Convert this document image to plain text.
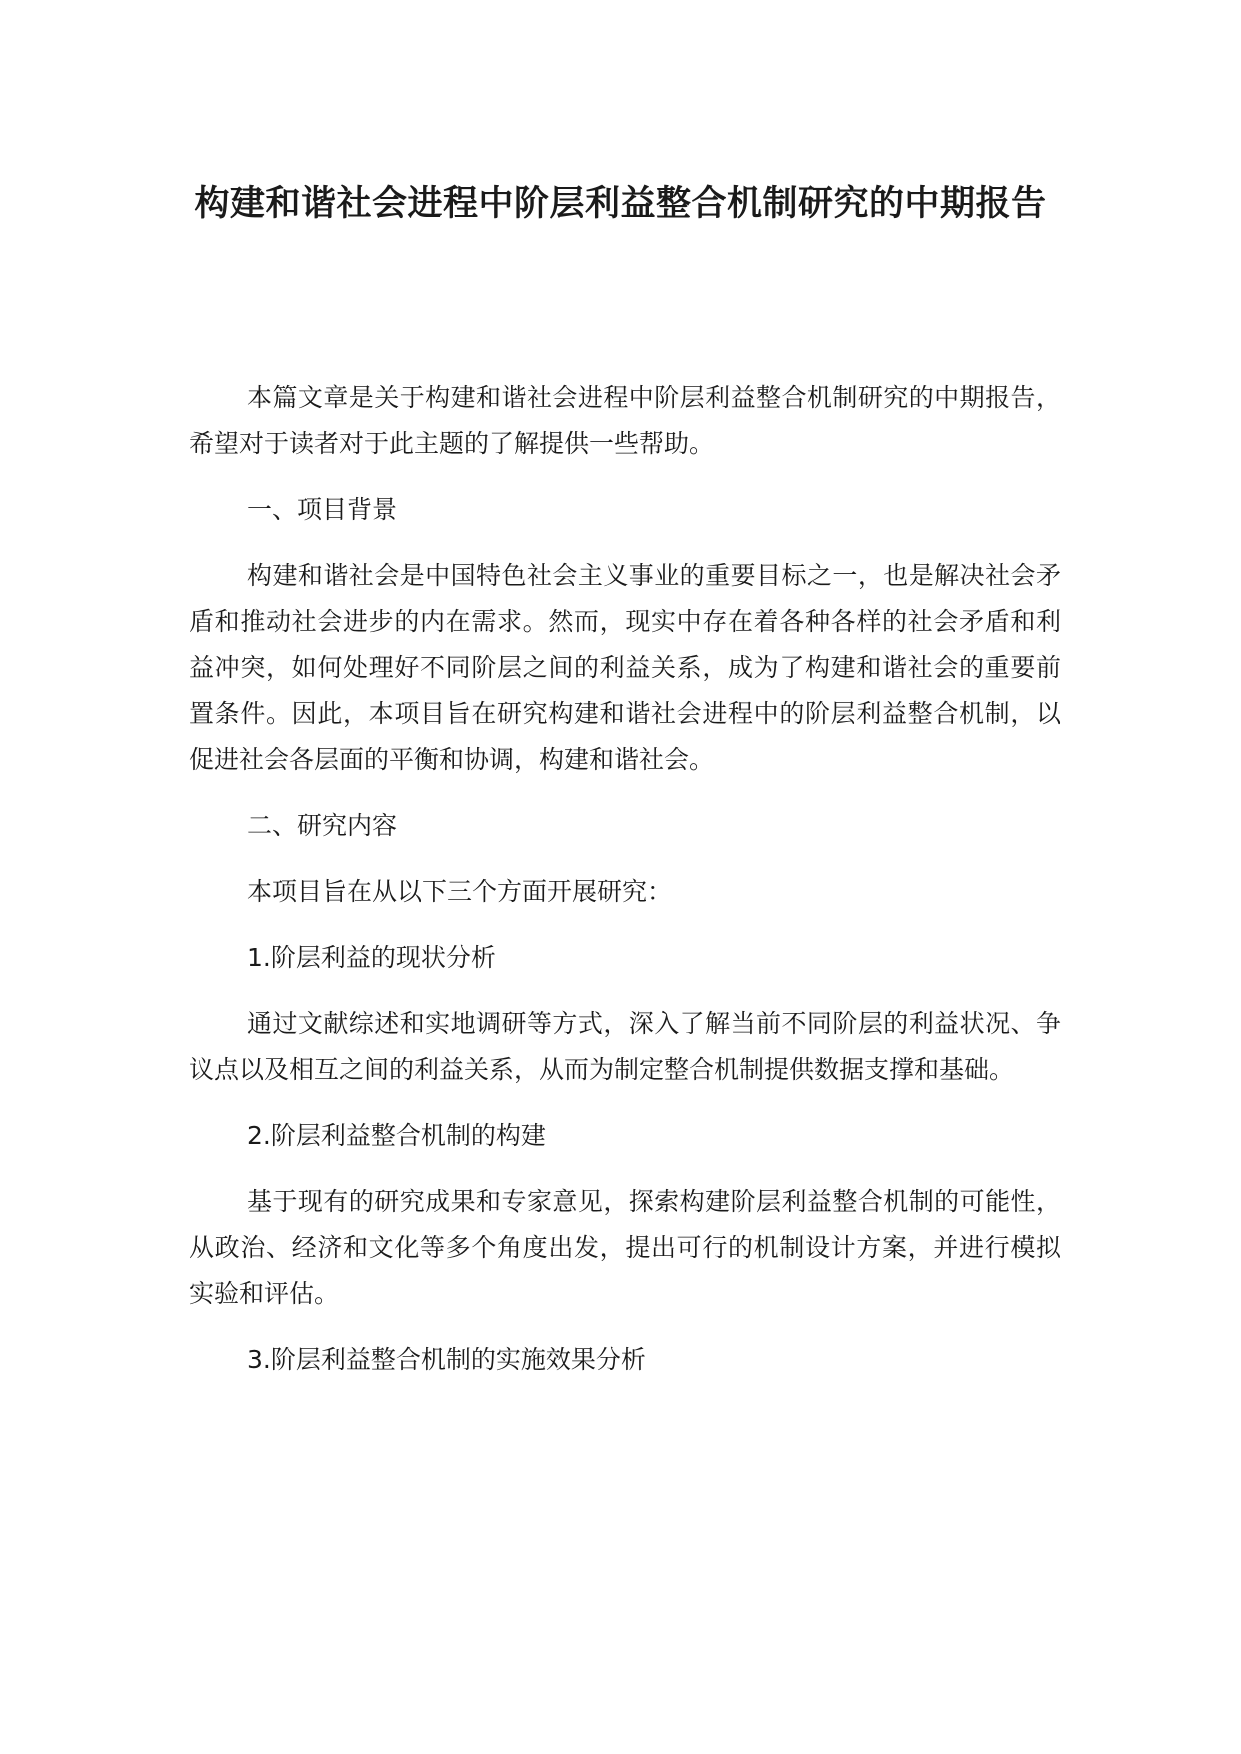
构建和谐社会进程中阶层利益整合机制研究的中期报告

本篇文章是关于构建和谐社会进程中阶层利益整合机制研究的中期报告，希望对于读者对于此主题的了解提供一些帮助。

一、项目背景

构建和谐社会是中国特色社会主义事业的重要目标之一，也是解决社会矛盾和推动社会进步的内在需求。然而，现实中存在着各种各样的社会矛盾和利益冲突，如何处理好不同阶层之间的利益关系，成为了构建和谐社会的重要前置条件。因此，本项目旨在研究构建和谐社会进程中的阶层利益整合机制，以促进社会各层面的平衡和协调，构建和谐社会。

二、研究内容

本项目旨在从以下三个方面开展研究：

1.阶层利益的现状分析

通过文献综述和实地调研等方式，深入了解当前不同阶层的利益状况、争议点以及相互之间的利益关系，从而为制定整合机制提供数据支撑和基础。

2.阶层利益整合机制的构建

基于现有的研究成果和专家意见，探索构建阶层利益整合机制的可能性，从政治、经济和文化等多个角度出发，提出可行的机制设计方案，并进行模拟实验和评估。

3.阶层利益整合机制的实施效果分析
